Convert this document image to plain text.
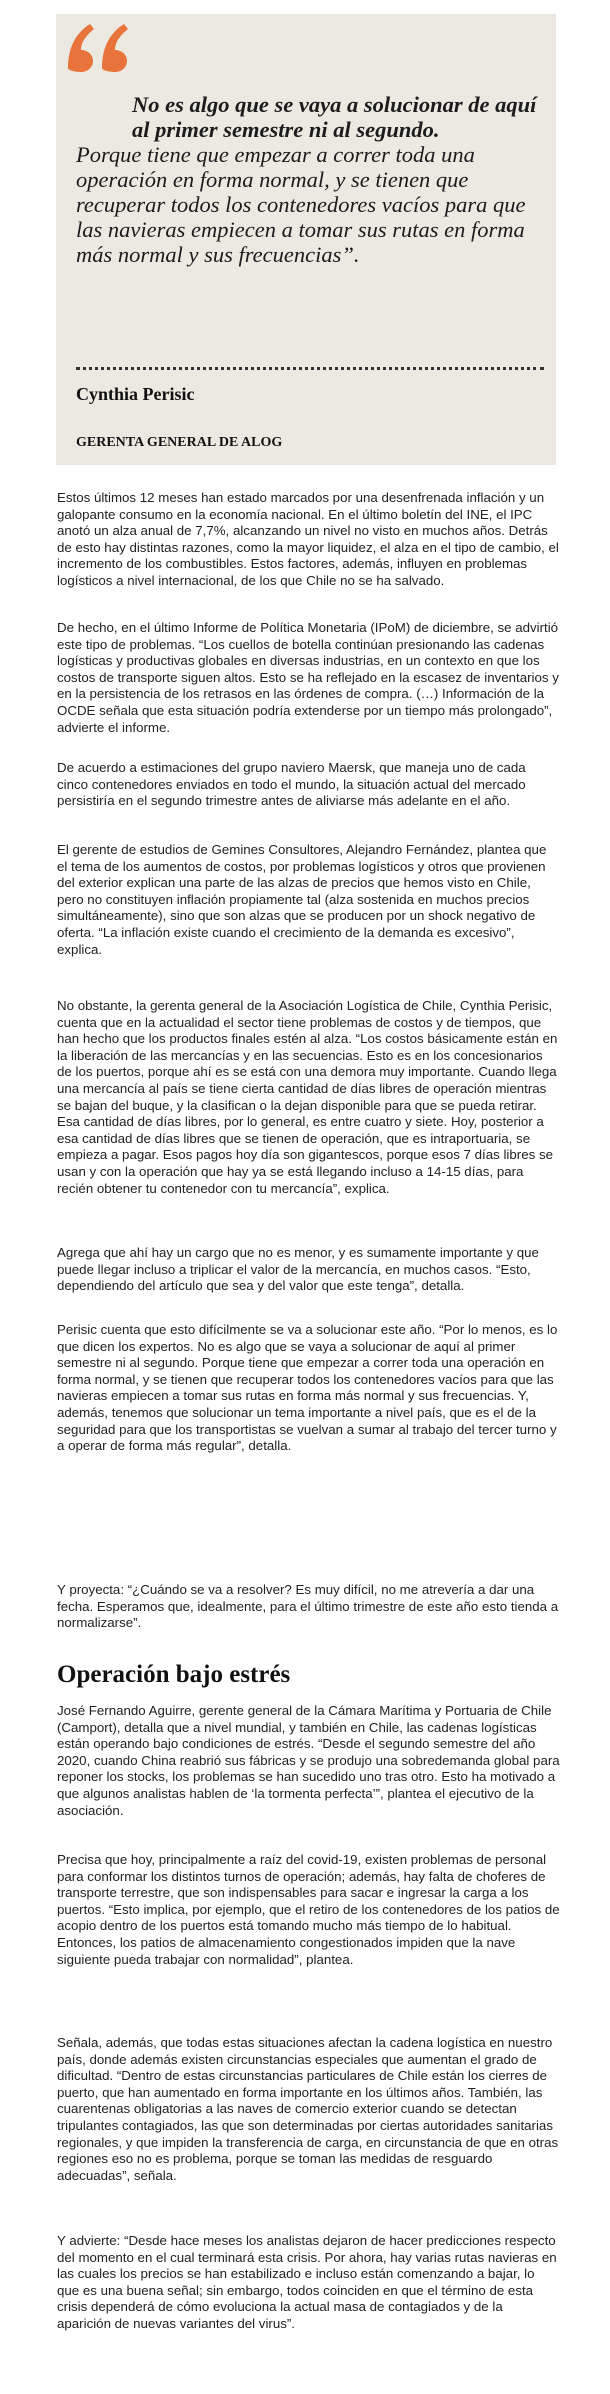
No es algo que se vaya a solucionar de aquí al primer semestre ni al segundo.
Porque tiene que empezar a correr toda una operación en forma normal, y se tienen que recuperar todos los contenedores vacíos para que las navieras empiecen a tomar sus rutas en forma más normal y sus frecuencias”.

Cynthia Perisic

GERENTA GENERAL DE ALOG

Estos últimos 12 meses han estado marcados por una desenfrenada inflación y un galopante consumo en la economía nacional. En el último boletín del INE, el IPC anotó un alza anual de 7,7%, alcanzando un nivel no visto en muchos años. Detrás de esto hay distintas razones, como la mayor liquidez, el alza en el tipo de cambio, el incremento de los combustibles. Estos factores, además, influyen en problemas logísticos a nivel internacional, de los que Chile no se ha salvado.

De hecho, en el último Informe de Política Monetaria (IPoM) de diciembre, se advirtió este tipo de problemas. “Los cuellos de botella continúan presionando las cadenas logísticas y productivas globales en diversas industrias, en un contexto en que los costos de transporte siguen altos. Esto se ha reflejado en la escasez de inventarios y en la persistencia de los retrasos en las órdenes de compra. (…) Información de la OCDE señala que esta situación podría extenderse por un tiempo más prolongado”, advierte el informe.

De acuerdo a estimaciones del grupo naviero Maersk, que maneja uno de cada cinco contenedores enviados en todo el mundo, la situación actual del mercado persistiría en el segundo trimestre antes de aliviarse más adelante en el año.

El gerente de estudios de Gemines Consultores, Alejandro Fernández, plantea que el tema de los aumentos de costos, por problemas logísticos y otros que provienen del exterior explican una parte de las alzas de precios que hemos visto en Chile, pero no constituyen inflación propiamente tal (alza sostenida en muchos precios simultáneamente), sino que son alzas que se producen por un shock negativo de oferta. “La inflación existe cuando el crecimiento de la demanda es excesivo”, explica.

No obstante, la gerenta general de la Asociación Logística de Chile, Cynthia Perisic, cuenta que en la actualidad el sector tiene problemas de costos y de tiempos, que han hecho que los productos finales estén al alza. “Los costos básicamente están en la liberación de las mercancías y en las secuencias. Esto es en los concesionarios de los puertos, porque ahí es se está con una demora muy importante. Cuando llega una mercancía al país se tiene cierta cantidad de días libres de operación mientras se bajan del buque, y la clasifican o la dejan disponible para que se pueda retirar. Esa cantidad de días libres, por lo general, es entre cuatro y siete. Hoy, posterior a esa cantidad de días libres que se tienen de operación, que es intraportuaria, se empieza a pagar. Esos pagos hoy día son gigantescos, porque esos 7 días libres se usan y con la operación que hay ya se está llegando incluso a 14-15 días, para recién obtener tu contenedor con tu mercancía”, explica.

Agrega que ahí hay un cargo que no es menor, y es sumamente importante y que puede llegar incluso a triplicar el valor de la mercancía, en muchos casos. “Esto, dependiendo del artículo que sea y del valor que este tenga”, detalla.

Perisic cuenta que esto difícilmente se va a solucionar este año. “Por lo menos, es lo que dicen los expertos. No es algo que se vaya a solucionar de aquí al primer semestre ni al segundo. Porque tiene que empezar a correr toda una operación en forma normal, y se tienen que recuperar todos los contenedores vacíos para que las navieras empiecen a tomar sus rutas en forma más normal y sus frecuencias. Y, además, tenemos que solucionar un tema importante a nivel país, que es el de la seguridad para que los transportistas se vuelvan a sumar al trabajo del tercer turno y a operar de forma más regular”, detalla.

Y proyecta: “¿Cuándo se va a resolver? Es muy difícil, no me atrevería a dar una fecha. Esperamos que, idealmente, para el último trimestre de este año esto tienda a normalizarse”.

Operación bajo estrés

José Fernando Aguirre, gerente general de la Cámara Marítima y Portuaria de Chile (Camport), detalla que a nivel mundial, y también en Chile, las cadenas logísticas están operando bajo condiciones de estrés. “Desde el segundo semestre del año 2020, cuando China reabrió sus fábricas y se produjo una sobredemanda global para reponer los stocks, los problemas se han sucedido uno tras otro. Esto ha motivado a que algunos analistas hablen de ‘la tormenta perfecta’”, plantea el ejecutivo de la asociación.

Precisa que hoy, principalmente a raíz del covid-19, existen problemas de personal para conformar los distintos turnos de operación; además, hay falta de choferes de transporte terrestre, que son indispensables para sacar e ingresar la carga a los puertos. “Esto implica, por ejemplo, que el retiro de los contenedores de los patios de acopio dentro de los puertos está tomando mucho más tiempo de lo habitual. Entonces, los patios de almacenamiento congestionados impiden que la nave siguiente pueda trabajar con normalidad”, plantea.

Señala, además, que todas estas situaciones afectan la cadena logística en nuestro país, donde además existen circunstancias especiales que aumentan el grado de dificultad. “Dentro de estas circunstancias particulares de Chile están los cierres de puerto, que han aumentado en forma importante en los últimos años. También, las cuarentenas obligatorias a las naves de comercio exterior cuando se detectan tripulantes contagiados, las que son determinadas por ciertas autoridades sanitarias regionales, y que impiden la transferencia de carga, en circunstancia de que en otras regiones eso no es problema, porque se toman las medidas de resguardo adecuadas”, señala.

Y advierte: “Desde hace meses los analistas dejaron de hacer predicciones respecto del momento en el cual terminará esta crisis. Por ahora, hay varias rutas navieras en las cuales los precios se han estabilizado e incluso están comenzando a bajar, lo que es una buena señal; sin embargo, todos coinciden en que el término de esta crisis dependerá de cómo evoluciona la actual masa de contagiados y de la aparición de nuevas variantes del virus”.
